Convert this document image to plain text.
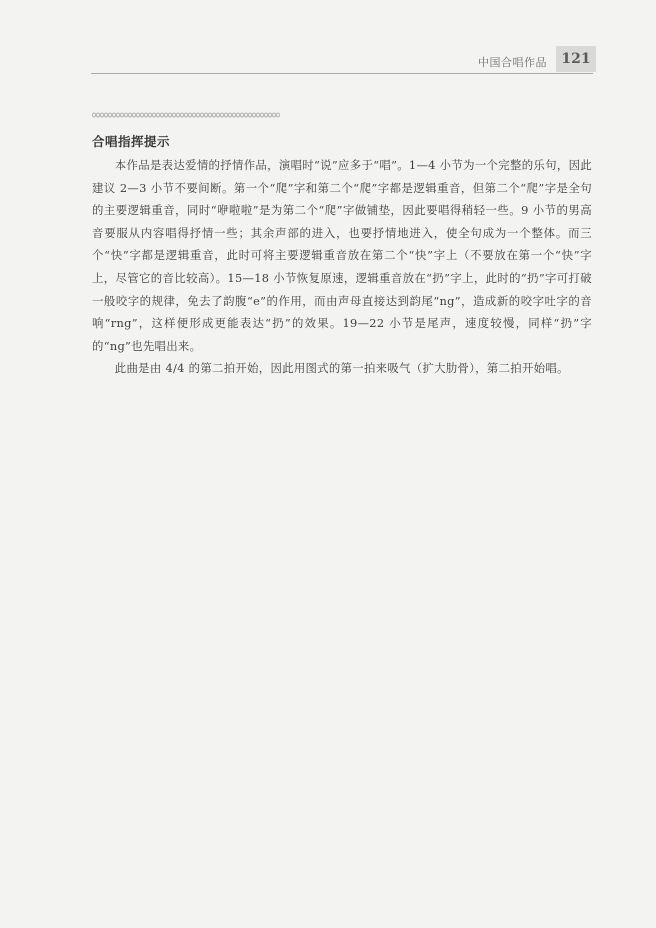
中国合唱作品	121
合唱指挥提示

本作品是表达爱情的抒情作品，演唱时“说”应多于“唱”。1—4 小节为一个完整的乐句，因此建议 2—3 小节不要间断。第一个“爬”字和第二个“爬”字都是逻辑重音，但第二个“爬”字是全句的主要逻辑重音，同时“咿啦啦”是为第二个“爬”字做铺垫，因此要唱得稍轻一些。9 小节的男高音要服从内容唱得抒情一些；其余声部的进入，也要抒情地进入，使全句成为一个整体。而三个“快”字都是逻辑重音，此时可将主要逻辑重音放在第二个“快”字上（不要放在第一个“快”字上，尽管它的音比较高）。15—18 小节恢复原速，逻辑重音放在“扔”字上，此时的“扔”字可打破一般咬字的规律，免去了韵腹“e”的作用，而由声母直接达到韵尾“ng”，造成新的咬字吐字的音响“rng”，这样便形成更能表达“扔”的效果。19—22 小节是尾声，速度较慢，同样“扔”字的“ng”也先唱出来。

此曲是由 4/4 的第二拍开始，因此用图式的第一拍来吸气（扩大肋骨），第二拍开始唱。
